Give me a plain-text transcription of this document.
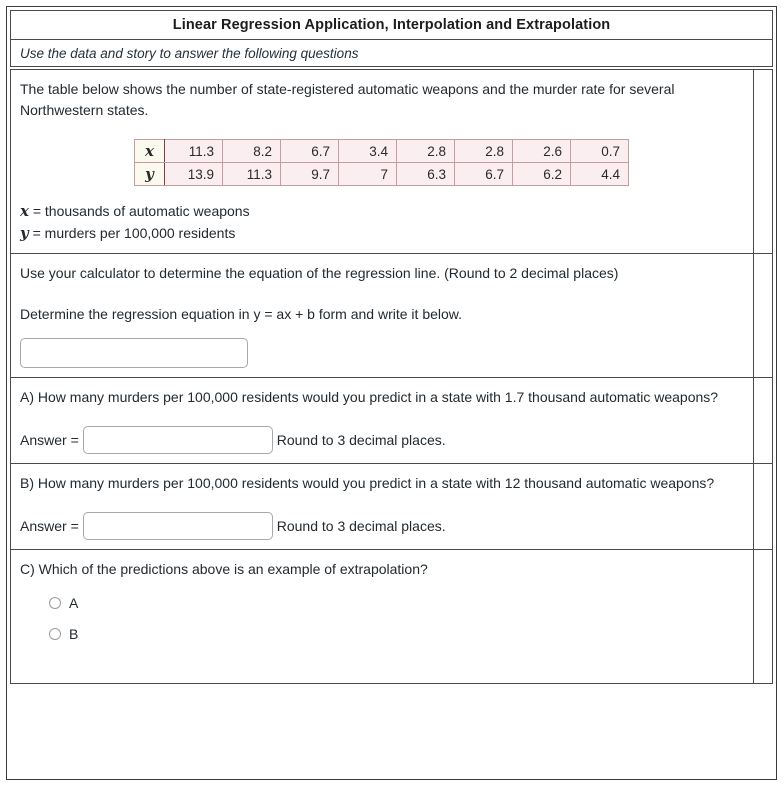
Linear Regression Application, Interpolation and Extrapolation
Use the data and story to answer the following questions
The table below shows the number of state-registered automatic weapons and the murder rate for several Northwestern states.
x	11.3	8.2	6.7	3.4	2.8	2.8	2.6	0.7
y	13.9	11.3	9.7	7	6.3	6.7	6.2	4.4
x = thousands of automatic weapons
y = murders per 100,000 residents
Use your calculator to determine the equation of the regression line. (Round to 2 decimal places)
Determine the regression equation in y = ax + b form and write it below.
A) How many murders per 100,000 residents would you predict in a state with 1.7 thousand automatic weapons?
Answer =	Round to 3 decimal places.
B) How many murders per 100,000 residents would you predict in a state with 12 thousand automatic weapons?
Answer =	Round to 3 decimal places.
C) Which of the predictions above is an example of extrapolation?
A
B
